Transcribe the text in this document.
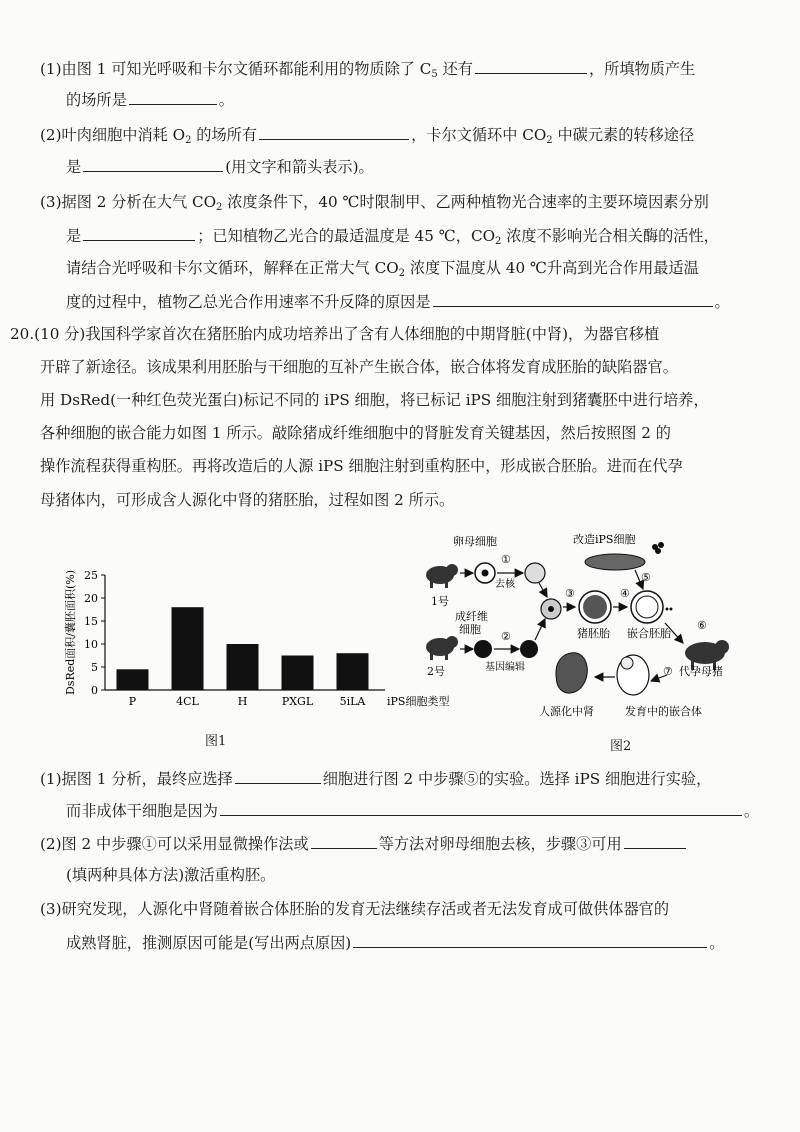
(1)由图 1 可知光呼吸和卡尔文循环都能利用的物质除了 $C_5$ 还有	，所填物质产生
的场所是	。
(2)叶肉细胞中消耗 $O_2$ 的场所有	，卡尔文循环中 $CO_2$ 中碳元素的转移途径
是	(用文字和箭头表示)。
(3)据图 2 分析在大气 $CO_2$ 浓度条件下，40 ℃时限制甲、乙两种植物光合速率的主要环境因素分别
是	；已知植物乙光合的最适温度是 45 ℃，$CO_2$ 浓度不影响光合相关酶的活性，
请结合光呼吸和卡尔文循环，解释在正常大气 $CO_2$ 浓度下温度从 40 ℃升高到光合作用最适温
度的过程中，植物乙总光合作用速率不升反降的原因是	。
20.(10 分)我国科学家首次在猪胚胎内成功培养出了含有人体细胞的中期肾脏(中肾)，为器官移植
开辟了新途径。该成果利用胚胎与干细胞的互补产生嵌合体，嵌合体将发育成胚胎的缺陷器官。
用 DsRed(一种红色荧光蛋白)标记不同的 iPS 细胞，将已标记 iPS 细胞注射到猪囊胚中进行培养，
各种细胞的嵌合能力如图 1 所示。敲除猪成纤维细胞中的肾脏发育关键基因，然后按照图 2 的
操作流程获得重构胚。再将改造后的人源 iPS 细胞注射到重构胚中，形成嵌合胚胎。进而在代孕
母猪体内，可形成含人源化中肾的猪胚胎，过程如图 2 所示。
0
5
10
15
20
25
P	4CL	H	PXGL 5iLA iPS细胞类型
DsRed面积/囊胚面积(%)
图1
1号
卵母细胞
①
去核
2号
成纤维
细胞
②
基因编辑
③
猪胚胎
④
嵌合胚胎
改造iPS细胞
⑤
⑥
⑦ 代孕母猪
发育中的嵌合体
人源化中肾
图2
(1)据图 1 分析，最终应选择	细胞进行图 2 中步骤⑤的实验。选择 iPS 细胞进行实验，
而非成体干细胞是因为	。
(2)图 2 中步骤①可以采用显微操作法或	等方法对卵母细胞去核，步骤③可用
(填两种具体方法)激活重构胚。
(3)研究发现，人源化中肾随着嵌合体胚胎的发育无法继续存活或者无法发育成可做供体器官的
成熟肾脏，推测原因可能是(写出两点原因)	。
